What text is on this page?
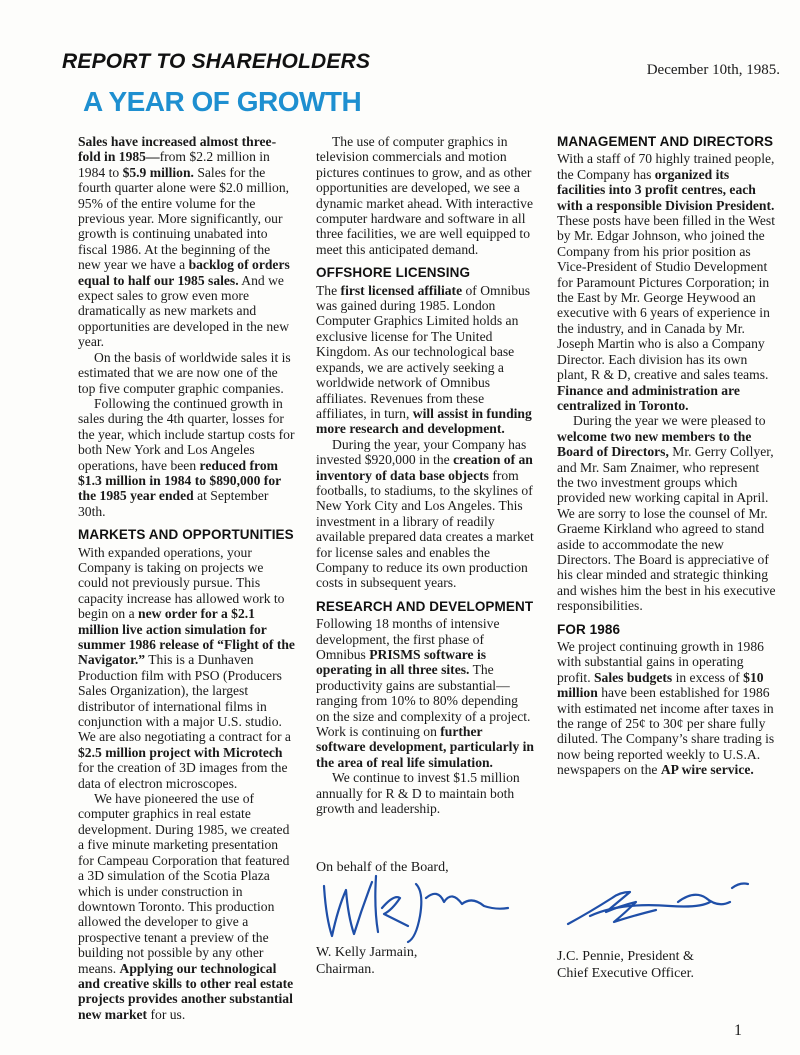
REPORT TO SHAREHOLDERS	December 10th, 1985.
A YEAR OF GROWTH

Sales have increased almost three-fold in 1985—from $2.2 million in 1984 to $5.9 million. Sales for the fourth quarter alone were $2.0 million, 95% of the entire volume for the previous year. More significantly, our growth is continuing unabated into fiscal 1986. At the beginning of the new year we have a backlog of orders equal to half our 1985 sales. And we expect sales to grow even more dramatically as new markets and opportunities are developed in the new year.

On the basis of worldwide sales it is estimated that we are now one of the top five computer graphic companies.

Following the continued growth in sales during the 4th quarter, losses for the year, which include startup costs for both New York and Los Angeles operations, have been reduced from $1.3 million in 1984 to $890,000 for the 1985 year ended at September 30th.

MARKETS AND OPPORTUNITIES

With expanded operations, your Company is taking on projects we could not previously pursue. This capacity increase has allowed work to begin on a new order for a $2.1 million live action simulation for summer 1986 release of “Flight of the Navigator.” This is a Dunhaven Production film with PSO (Producers Sales Organization), the largest distributor of international films in conjunction with a major U.S. studio. We are also negotiating a contract for a $2.5 million project with Microtech for the creation of 3D images from the data of electron microscopes.

We have pioneered the use of computer graphics in real estate development. During 1985, we created a five minute marketing presentation for Campeau Corporation that featured a 3D simulation of the Scotia Plaza which is under construction in downtown Toronto. This production allowed the developer to give a prospective tenant a preview of the building not possible by any other means. Applying our technological and creative skills to other real estate projects provides another substantial new market for us.

The use of computer graphics in television commercials and motion pictures continues to grow, and as other opportunities are developed, we see a dynamic market ahead. With interactive computer hardware and software in all three facilities, we are well equipped to meet this anticipated demand.

OFFSHORE LICENSING

The first licensed affiliate of Omnibus was gained during 1985. London Computer Graphics Limited holds an exclusive license for The United Kingdom. As our technological base expands, we are actively seeking a worldwide network of Omnibus affiliates. Revenues from these affiliates, in turn, will assist in funding more research and development.

During the year, your Company has invested $920,000 in the creation of an inventory of data base objects from footballs, to stadiums, to the skylines of New York City and Los Angeles. This investment in a library of readily available prepared data creates a market for license sales and enables the Company to reduce its own production costs in subsequent years.

RESEARCH AND DEVELOPMENT

Following 18 months of intensive development, the first phase of Omnibus PRISMS software is operating in all three sites. The productivity gains are substantial—ranging from 10% to 80% depending on the size and complexity of a project. Work is continuing on further software development, particularly in the area of real life simulation.

We continue to invest $1.5 million annually for R & D to maintain both growth and leadership.

MANAGEMENT AND DIRECTORS

With a staff of 70 highly trained people, the Company has organized its facilities into 3 profit centres, each with a responsible Division President. These posts have been filled in the West by Mr. Edgar Johnson, who joined the Company from his prior position as Vice-President of Studio Development for Paramount Pictures Corporation; in the East by Mr. George Heywood an executive with 6 years of experience in the industry, and in Canada by Mr. Joseph Martin who is also a Company Director. Each division has its own plant, R & D, creative and sales teams. Finance and administration are centralized in Toronto.

During the year we were pleased to welcome two new members to the Board of Directors, Mr. Gerry Collyer, and Mr. Sam Znaimer, who represent the two investment groups which provided new working capital in April. We are sorry to lose the counsel of Mr. Graeme Kirkland who agreed to stand aside to accommodate the new Directors. The Board is appreciative of his clear minded and strategic thinking and wishes him the best in his executive responsibilities.

FOR 1986

We project continuing growth in 1986 with substantial gains in operating profit. Sales budgets in excess of $10 million have been established for 1986 with estimated net income after taxes in the range of 25¢ to 30¢ per share fully diluted. The Company’s share trading is now being reported weekly to U.S.A. newspapers on the AP wire service.

On behalf of the Board,
W. Kelly Jarmain,
Chairman.
J.C. Pennie, President &
Chief Executive Officer.
1
